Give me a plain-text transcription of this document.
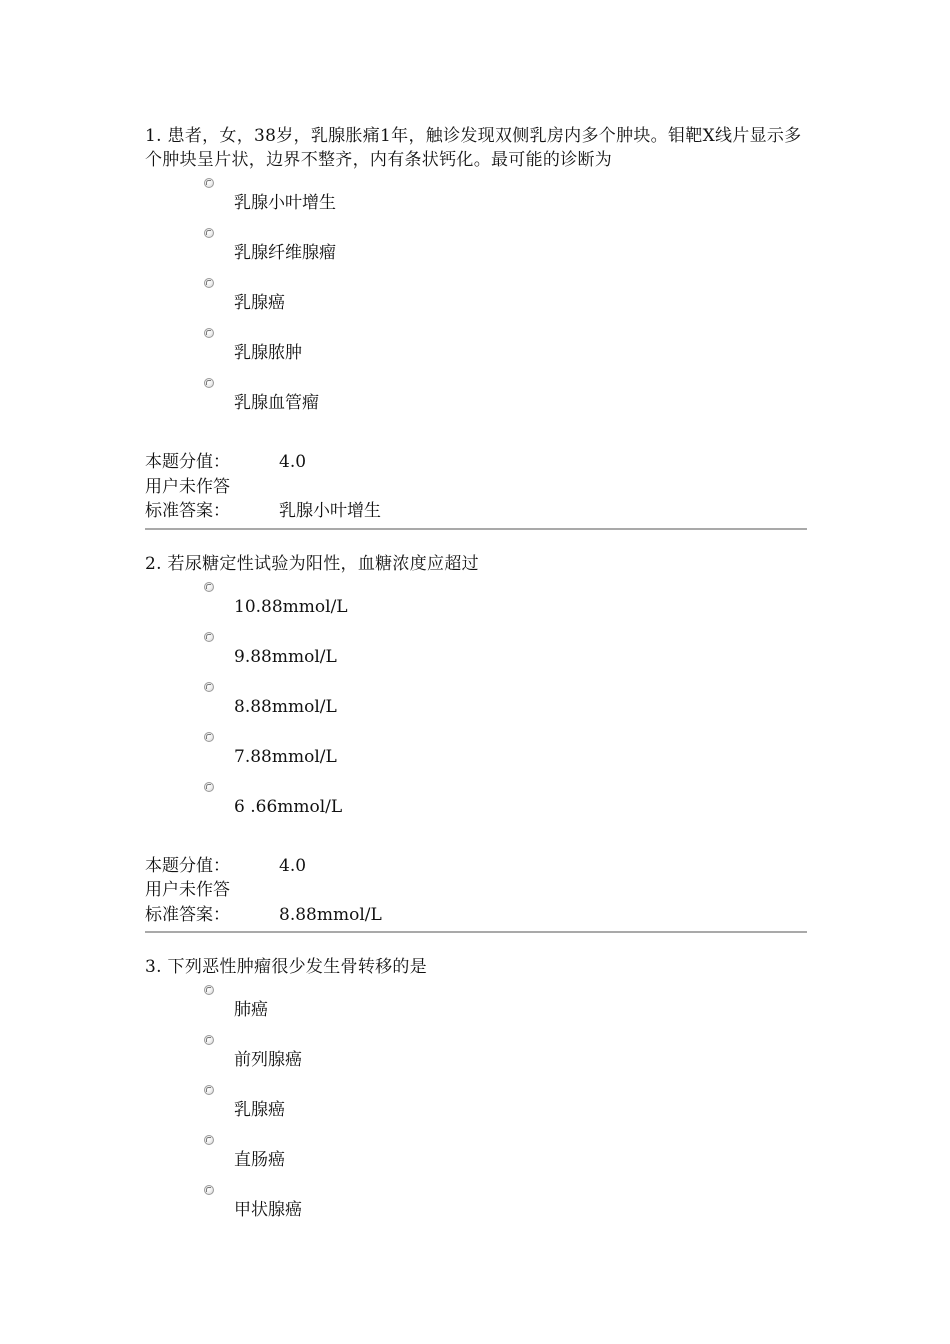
1. 患者，女，38岁，乳腺胀痛1年，触诊发现双侧乳房内多个肿块。钼靶X线片显示多个肿块呈片状，边界不整齐，内有条状钙化。最可能的诊断为

乳腺小叶增生
乳腺纤维腺瘤
乳腺癌
乳腺脓肿
乳腺血管瘤
本题分值：	4.0
用户未作答
标准答案：	乳腺小叶增生

2. 若尿糖定性试验为阳性，血糖浓度应超过

10.88mmol/L
9.88mmol/L
8.88mmol/L
7.88mmol/L
6 .66mmol/L
本题分值：	4.0
用户未作答
标准答案：	8.88mmol/L

3. 下列恶性肿瘤很少发生骨转移的是

肺癌
前列腺癌
乳腺癌
直肠癌
甲状腺癌
